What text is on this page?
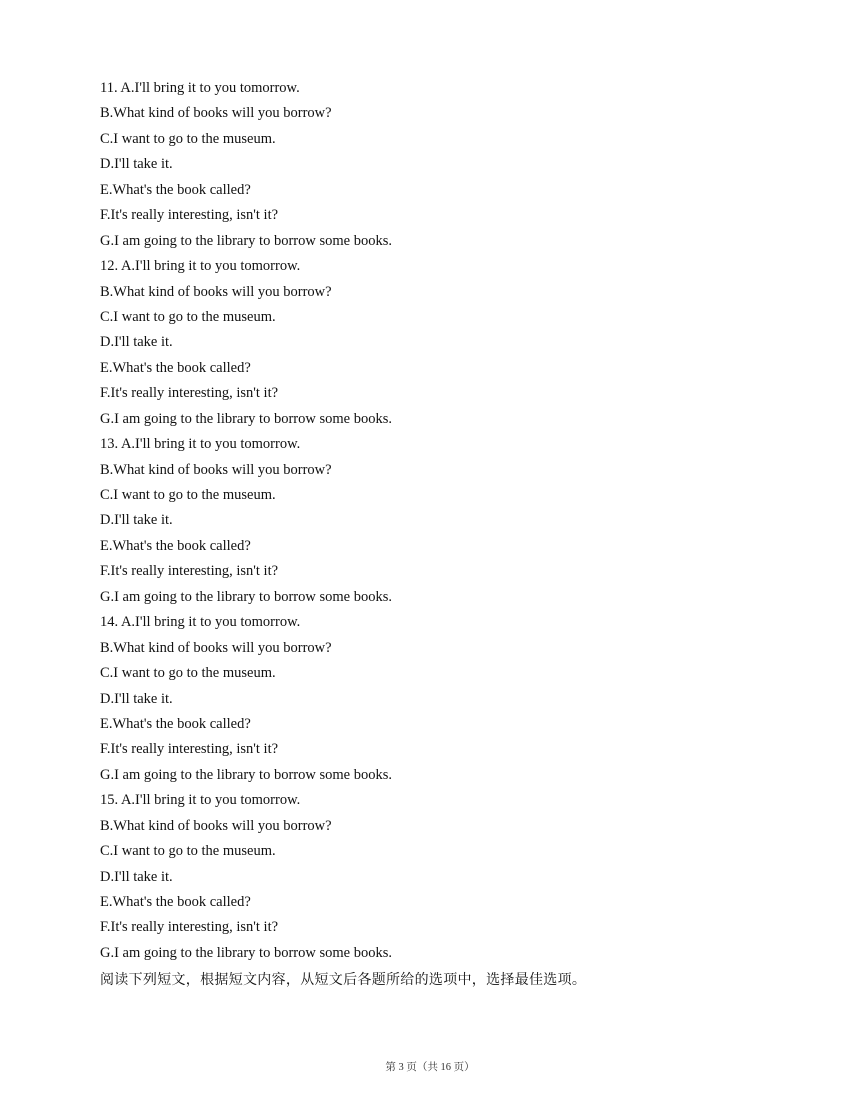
11. A.I'll bring it to you tomorrow.
B.What kind of books will you borrow?
C.I want to go to the museum.
D.I'll take it.
E.What's the book called?
F.It's really interesting, isn't it?
G.I am going to the library to borrow some books.
12. A.I'll bring it to you tomorrow.
B.What kind of books will you borrow?
C.I want to go to the museum.
D.I'll take it.
E.What's the book called?
F.It's really interesting, isn't it?
G.I am going to the library to borrow some books.
13. A.I'll bring it to you tomorrow.
B.What kind of books will you borrow?
C.I want to go to the museum.
D.I'll take it.
E.What's the book called?
F.It's really interesting, isn't it?
G.I am going to the library to borrow some books.
14. A.I'll bring it to you tomorrow.
B.What kind of books will you borrow?
C.I want to go to the museum.
D.I'll take it.
E.What's the book called?
F.It's really interesting, isn't it?
G.I am going to the library to borrow some books.
15. A.I'll bring it to you tomorrow.
B.What kind of books will you borrow?
C.I want to go to the museum.
D.I'll take it.
E.What's the book called?
F.It's really interesting, isn't it?
G.I am going to the library to borrow some books.
阅读下列短文，根据短文内容，从短文后各题所给的选项中，选择最佳选项。
第 3 页（共 16 页）
